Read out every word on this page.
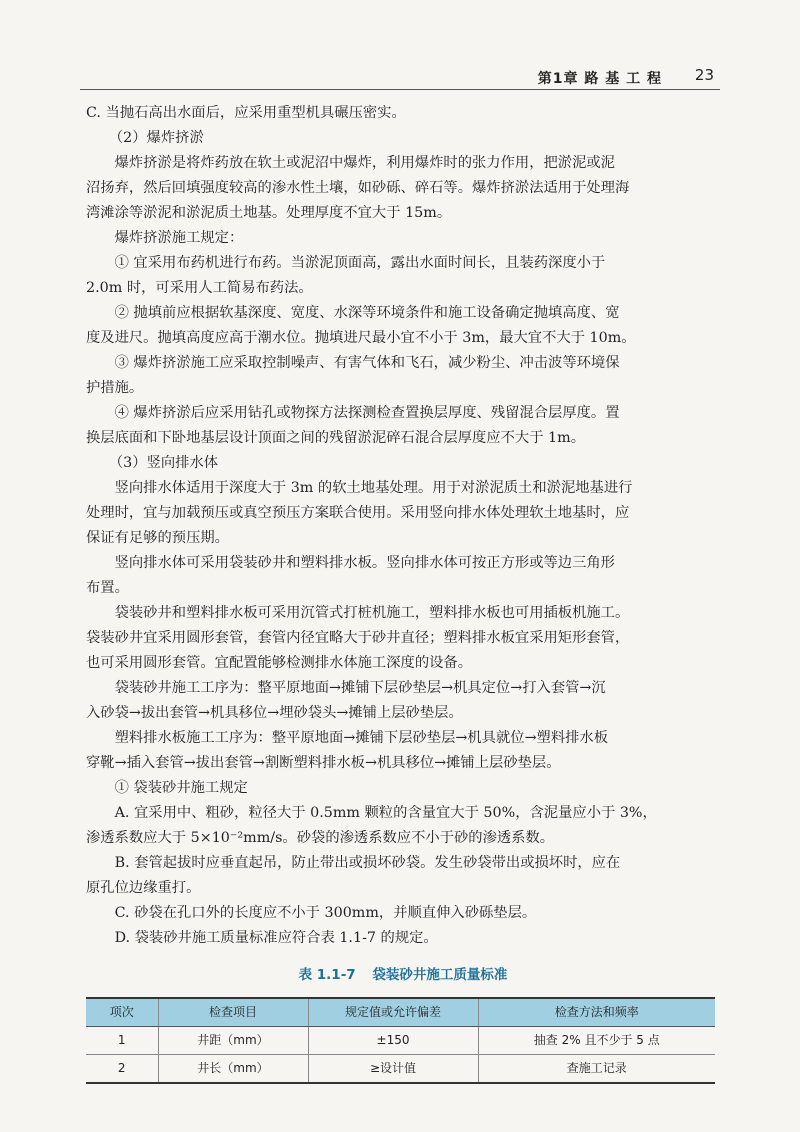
第1章 路 基 工 程 23

C. 当抛石高出水面后，应采用重型机具碾压密实。

（2）爆炸挤淤

爆炸挤淤是将炸药放在软土或泥沼中爆炸，利用爆炸时的张力作用，把淤泥或泥
沼扬弃，然后回填强度较高的渗水性土壤，如砂砾、碎石等。爆炸挤淤法适用于处理海
湾滩涂等淤泥和淤泥质土地基。处理厚度不宜大于 15m。

爆炸挤淤施工规定：

① 宜采用布药机进行布药。当淤泥顶面高，露出水面时间长，且装药深度小于
2.0m 时，可采用人工简易布药法。

② 抛填前应根据软基深度、宽度、水深等环境条件和施工设备确定抛填高度、宽
度及进尺。抛填高度应高于潮水位。抛填进尺最小宜不小于 3m，最大宜不大于 10m。

③ 爆炸挤淤施工应采取控制噪声、有害气体和飞石，减少粉尘、冲击波等环境保
护措施。

④ 爆炸挤淤后应采用钻孔或物探方法探测检查置换层厚度、残留混合层厚度。置
换层底面和下卧地基层设计顶面之间的残留淤泥碎石混合层厚度应不大于 1m。

（3）竖向排水体

竖向排水体适用于深度大于 3m 的软土地基处理。用于对淤泥质土和淤泥地基进行
处理时，宜与加载预压或真空预压方案联合使用。采用竖向排水体处理软土地基时，应
保证有足够的预压期。

竖向排水体可采用袋装砂井和塑料排水板。竖向排水体可按正方形或等边三角形
布置。

袋装砂井和塑料排水板可采用沉管式打桩机施工，塑料排水板也可用插板机施工。
袋装砂井宜采用圆形套管，套管内径宜略大于砂井直径；塑料排水板宜采用矩形套管，
也可采用圆形套管。宜配置能够检测排水体施工深度的设备。

袋装砂井施工工序为：整平原地面→摊铺下层砂垫层→机具定位→打入套管→沉
入砂袋→拔出套管→机具移位→埋砂袋头→摊铺上层砂垫层。

塑料排水板施工工序为：整平原地面→摊铺下层砂垫层→机具就位→塑料排水板
穿靴→插入套管→拔出套管→割断塑料排水板→机具移位→摊铺上层砂垫层。

① 袋装砂井施工规定

A. 宜采用中、粗砂，粒径大于 0.5mm 颗粒的含量宜大于 50%，含泥量应小于 3%，
渗透系数应大于 5×10⁻²mm/s。砂袋的渗透系数应不小于砂的渗透系数。

B. 套管起拔时应垂直起吊，防止带出或损坏砂袋。发生砂袋带出或损坏时，应在
原孔位边缘重打。

C. 砂袋在孔口外的长度应不小于 300mm，并顺直伸入砂砾垫层。

D. 袋装砂井施工质量标准应符合表 1.1-7 的规定。

表 1.1-7 袋装砂井施工质量标准
项次	检查项目	规定值或允许偏差	检查方法和频率
1	井距（mm）	±150	抽查 2% 且不少于 5 点
2	井长（mm）	≥设计值	查施工记录
